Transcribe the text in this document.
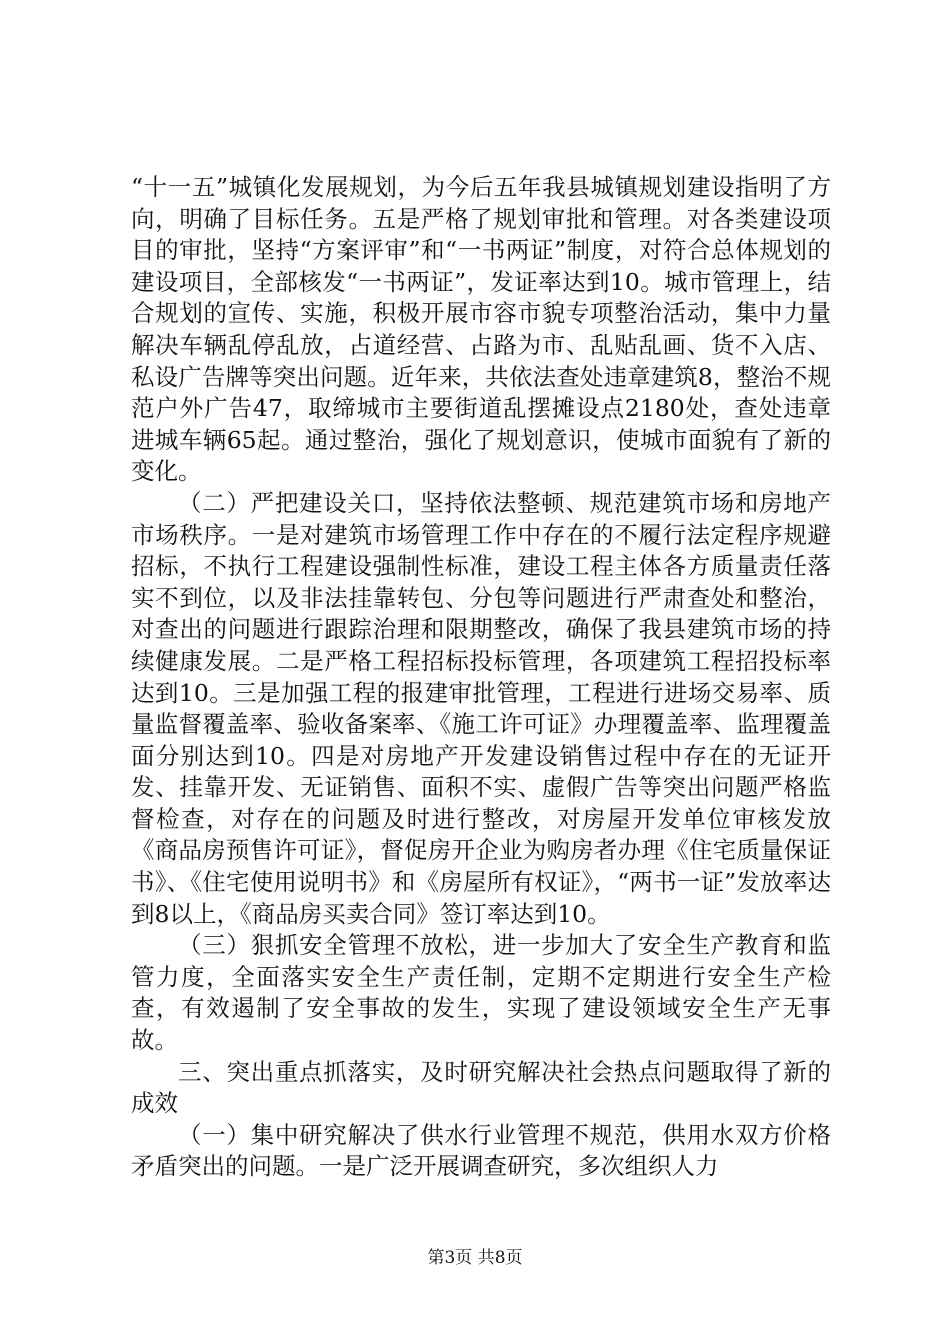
“十一五”城镇化发展规划，为今后五年我县城镇规划建设指明了方向，明确了目标任务。五是严格了规划审批和管理。对各类建设项目的审批，坚持“方案评审”和“一书两证”制度，对符合总体规划的建设项目，全部核发“一书两证”，发证率达到10。城市管理上，结合规划的宣传、实施，积极开展市容市貌专项整治活动，集中力量解决车辆乱停乱放，占道经营、占路为市、乱贴乱画、货不入店、私设广告牌等突出问题。近年来，共依法查处违章建筑8，整治不规范户外广告47，取缔城市主要街道乱摆摊设点2180处，查处违章进城车辆65起。通过整治，强化了规划意识，使城市面貌有了新的变化。

（二）严把建设关口，坚持依法整顿、规范建筑市场和房地产市场秩序。一是对建筑市场管理工作中存在的不履行法定程序规避招标，不执行工程建设强制性标准，建设工程主体各方质量责任落实不到位，以及非法挂靠转包、分包等问题进行严肃查处和整治，对查出的问题进行跟踪治理和限期整改，确保了我县建筑市场的持续健康发展。二是严格工程招标投标管理，各项建筑工程招投标率达到10。三是加强工程的报建审批管理，工程进行进场交易率、质量监督覆盖率、验收备案率、《施工许可证》办理覆盖率、监理覆盖面分别达到10。四是对房地产开发建设销售过程中存在的无证开发、挂靠开发、无证销售、面积不实、虚假广告等突出问题严格监督检查，对存在的问题及时进行整改，对房屋开发单位审核发放《商品房预售许可证》，督促房开企业为购房者办理《住宅质量保证书》、《住宅使用说明书》和《房屋所有权证》，“两书一证”发放率达到8以上，《商品房买卖合同》签订率达到10。

（三）狠抓安全管理不放松，进一步加大了安全生产教育和监管力度，全面落实安全生产责任制，定期不定期进行安全生产检查，有效遏制了安全事故的发生，实现了建设领域安全生产无事故。

三、突出重点抓落实，及时研究解决社会热点问题取得了新的成效

（一）集中研究解决了供水行业管理不规范，供用水双方价格矛盾突出的问题。一是广泛开展调查研究，多次组织人力

第3页 共8页
